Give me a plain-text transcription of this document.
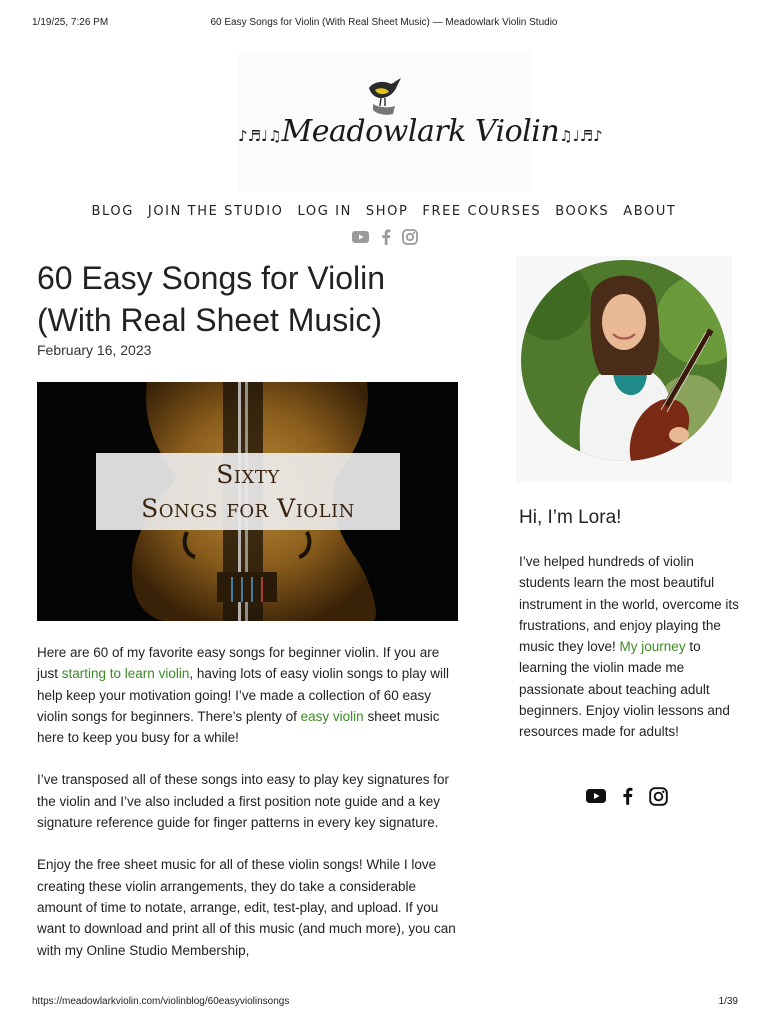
1/19/25, 7:26 PM	60 Easy Songs for Violin (With Real Sheet Music) — Meadowlark Violin Studio
♪♬♩♫Meadowlark Violin♫♩♬♪
BLOG JOIN THE STUDIO LOG IN SHOP FREE COURSES BOOKS ABOUT
60 Easy Songs for Violin (With Real Sheet Music)
February 16, 2023
Sixty
Songs for Violin

Here are 60 of my favorite easy songs for beginner violin. If you are just starting to learn violin, having lots of easy violin songs to play will help keep your motivation going! I’ve made a collection of 60 easy violin songs for beginners. There’s plenty of easy violin sheet music here to keep you busy for a while!

I’ve transposed all of these songs into easy to play key signatures for the violin and I’ve also included a first position note guide and a key signature reference guide for finger patterns in every key signature.

Enjoy the free sheet music for all of these violin songs! While I love creating these violin arrangements, they do take a considerable amount of time to notate, arrange, edit, test-play, and upload. If you want to download and print all of this music (and much more), you can with my Online Studio Membership,

Hi, I’m Lora!

I’ve helped hundreds of violin students learn the most beautiful instrument in the world, overcome its frustrations, and enjoy playing the music they love! My journey to learning the violin made me passionate about teaching adult beginners. Enjoy violin lessons and resources made for adults!

https://meadowlarkviolin.com/violinblog/60easyviolinsongs	1/39
